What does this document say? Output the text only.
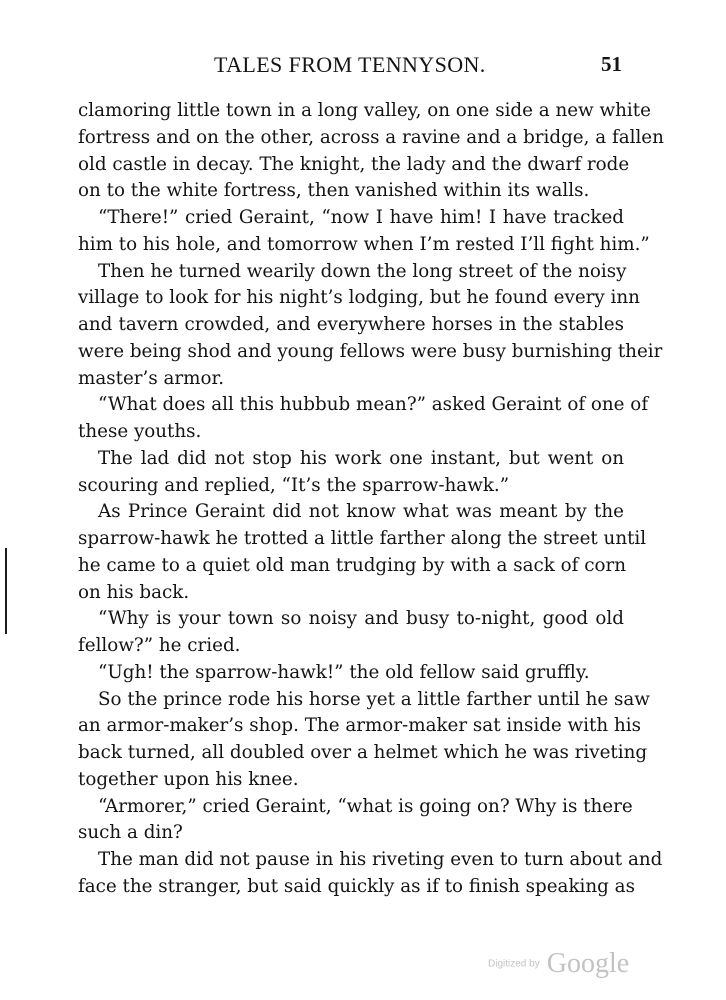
TALES FROM TENNYSON.	51
clamoring little town in a long valley, on one side a new white
fortress and on the other, across a ravine and a bridge, a fallen
old castle in decay. The knight, the lady and the dwarf rode
on to the white fortress, then vanished within its walls.
“There!” cried Geraint, “now I have him! I have tracked
him to his hole, and tomorrow when I’m rested I’ll fight him.”
Then he turned wearily down the long street of the noisy
village to look for his night’s lodging, but he found every inn
and tavern crowded, and everywhere horses in the stables
were being shod and young fellows were busy burnishing their
master’s armor.
“What does all this hubbub mean?” asked Geraint of one of
these youths.
The lad did not stop his work one instant, but went on
scouring and replied, “It’s the sparrow-hawk.”
As Prince Geraint did not know what was meant by the
sparrow-hawk he trotted a little farther along the street until
he came to a quiet old man trudging by with a sack of corn
on his back.
“Why is your town so noisy and busy to-night, good old
fellow?” he cried.
“Ugh! the sparrow-hawk!” the old fellow said gruffly.
So the prince rode his horse yet a little farther until he saw
an armor-maker’s shop. The armor-maker sat inside with his
back turned, all doubled over a helmet which he was riveting
together upon his knee.
“Armorer,” cried Geraint, “what is going on? Why is there
such a din?
The man did not pause in his riveting even to turn about and
face the stranger, but said quickly as if to finish speaking as
Digitized by Google
